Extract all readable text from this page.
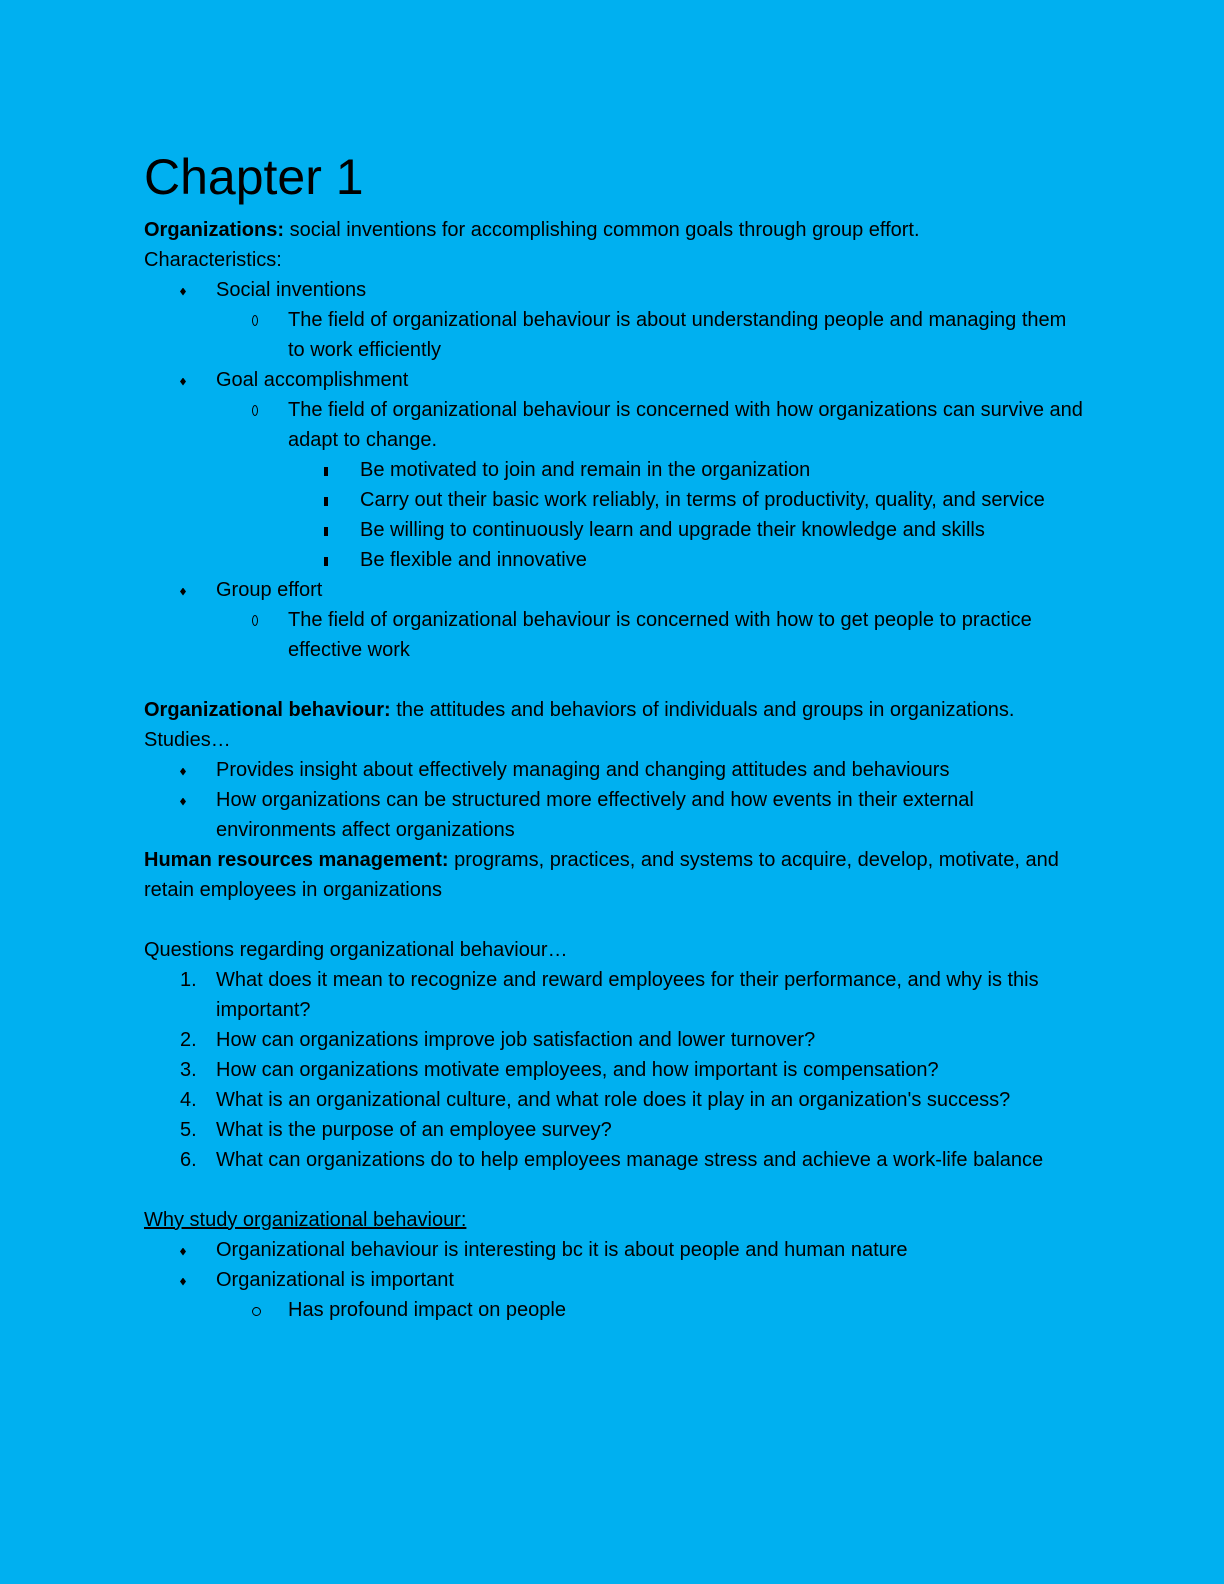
Chapter 1

Organizations: social inventions for accomplishing common goals through group effort.

Characteristics:

Social inventions
The field of organizational behaviour is about understanding people and managing them to work efficiently
Goal accomplishment
The field of organizational behaviour is concerned with how organizations can survive and adapt to change.
Be motivated to join and remain in the organization
Carry out their basic work reliably, in terms of productivity, quality, and service
Be willing to continuously learn and upgrade their knowledge and skills
Be flexible and innovative
Group effort
The field of organizational behaviour is concerned with how to get people to practice effective work

Organizational behaviour: the attitudes and behaviors of individuals and groups in organizations. Studies…

Provides insight about effectively managing and changing attitudes and behaviours
How organizations can be structured more effectively and how events in their external environments affect organizations

Human resources management: programs, practices, and systems to acquire, develop, motivate, and retain employees in organizations

Questions regarding organizational behaviour…

1. What does it mean to recognize and reward employees for their performance, and why is this important?
2. How can organizations improve job satisfaction and lower turnover?
3. How can organizations motivate employees, and how important is compensation?
4. What is an organizational culture, and what role does it play in an organization's success?
5. What is the purpose of an employee survey?
6. What can organizations do to help employees manage stress and achieve a work-life balance

Why study organizational behaviour:

Organizational behaviour is interesting bc it is about people and human nature
Organizational is important
Has profound impact on people
